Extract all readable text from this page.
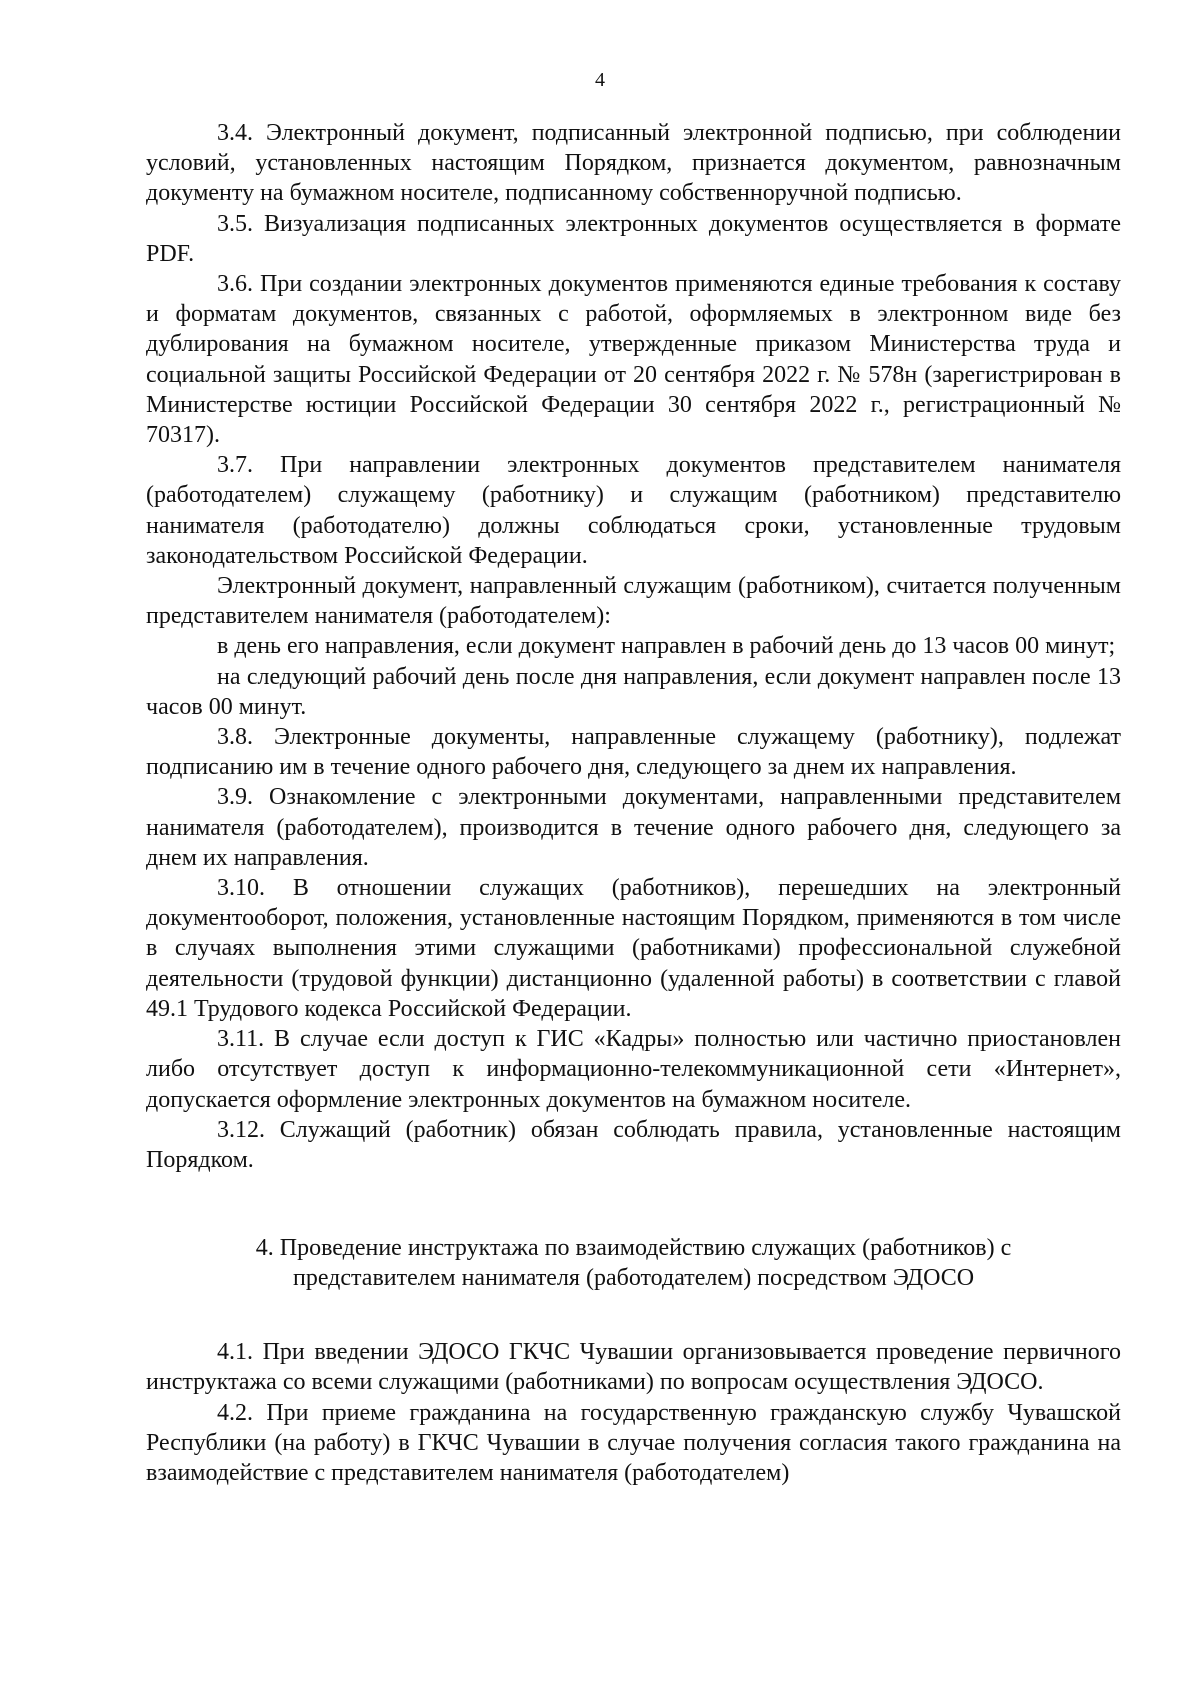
4

3.4. Электронный документ, подписанный электронной подписью, при соблюдении условий, установленных настоящим Порядком, признается документом, равнозначным документу на бумажном носителе, подписанному собственноручной подписью.

3.5. Визуализация подписанных электронных документов осуществляется в формате PDF.

3.6. При создании электронных документов применяются единые требования к составу и форматам документов, связанных с работой, оформляемых в электронном виде без дублирования на бумажном носителе, утвержденные приказом Министерства труда и социальной защиты Российской Федерации от 20 сентября 2022 г. № 578н (зарегистрирован в Министерстве юстиции Российской Федерации 30 сентября 2022 г., регистрационный № 70317).

3.7. При направлении электронных документов представителем нанимателя (работодателем) служащему (работнику) и служащим (работником) представителю нанимателя (работодателю) должны соблюдаться сроки, установленные трудовым законодательством Российской Федерации.

Электронный документ, направленный служащим (работником), считается полученным представителем нанимателя (работодателем):

в день его направления, если документ направлен в рабочий день до 13 часов 00 минут;

на следующий рабочий день после дня направления, если документ направлен после 13 часов 00 минут.

3.8. Электронные документы, направленные служащему (работнику), подлежат подписанию им в течение одного рабочего дня, следующего за днем их направления.

3.9. Ознакомление с электронными документами, направленными представителем нанимателя (работодателем), производится в течение одного рабочего дня, следующего за днем их направления.

3.10. В отношении служащих (работников), перешедших на электронный документооборот, положения, установленные настоящим Порядком, применяются в том числе в случаях выполнения этими служащими (работниками) профессиональной служебной деятельности (трудовой функции) дистанционно (удаленной работы) в соответствии с главой 49.1 Трудового кодекса Российской Федерации.

3.11. В случае если доступ к ГИС «Кадры» полностью или частично приостановлен либо отсутствует доступ к информационно-телекоммуникационной сети «Интернет», допускается оформление электронных документов на бумажном носителе.

3.12. Служащий (работник) обязан соблюдать правила, установленные настоящим Порядком.

4. Проведение инструктажа по взаимодействию служащих (работников) с
представителем нанимателя (работодателем) посредством ЭДОСО

4.1. При введении ЭДОСО ГКЧС Чувашии организовывается проведение первичного инструктажа со всеми служащими (работниками) по вопросам осуществления ЭДОСО.

4.2. При приеме гражданина на государственную гражданскую службу Чувашской Республики (на работу) в ГКЧС Чувашии в случае получения согласия такого гражданина на взаимодействие с представителем нанимателя (работодателем)
